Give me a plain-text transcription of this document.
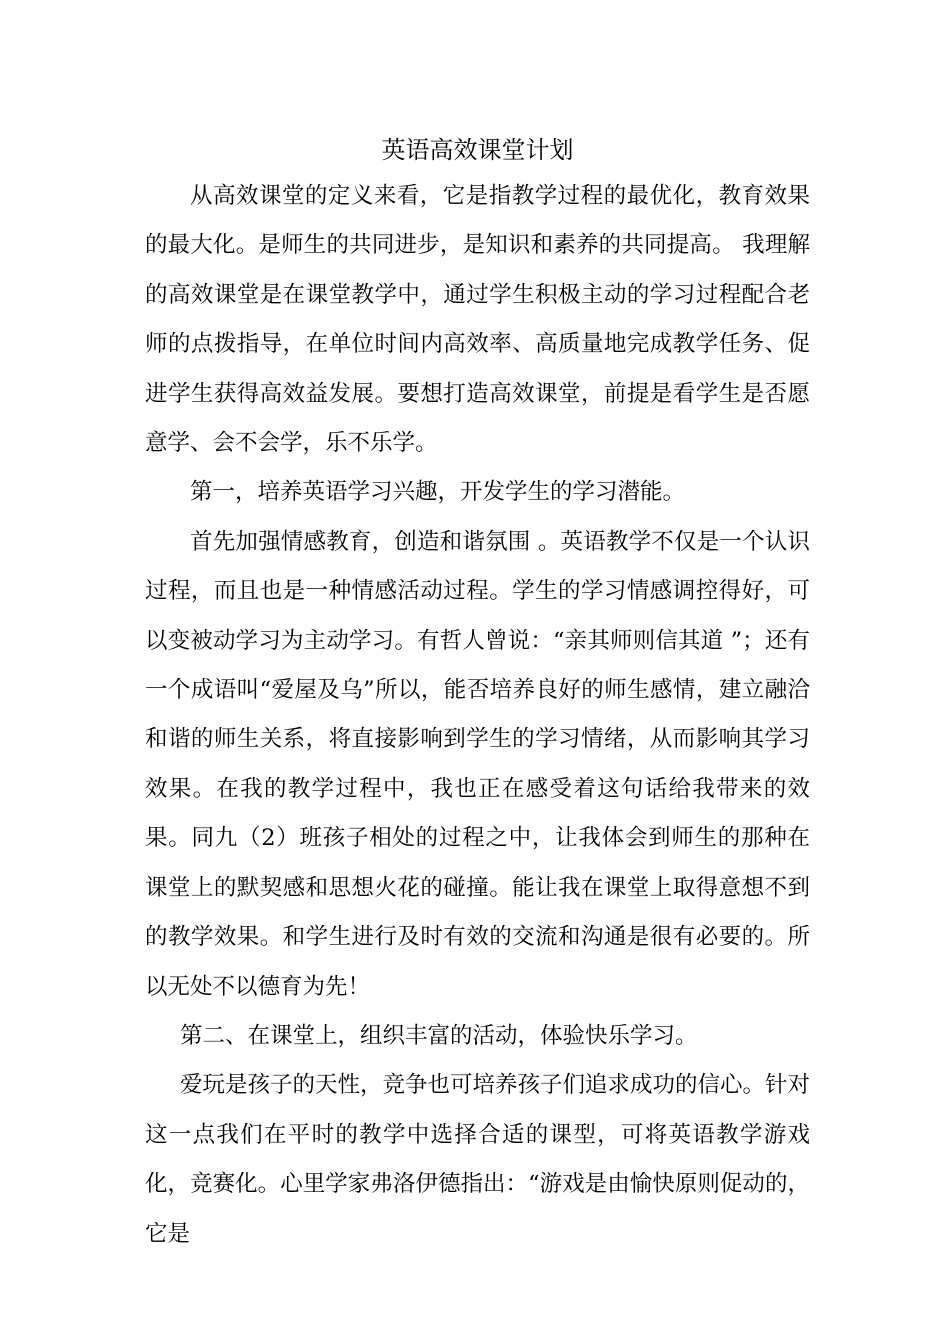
英语高效课堂计划

从高效课堂的定义来看，它是指教学过程的最优化，教育效果的最大化。是师生的共同进步，是知识和素养的共同提高。 我理解的高效课堂是在课堂教学中，通过学生积极主动的学习过程配合老师的点拨指导，在单位时间内高效率、高质量地完成教学任务、促进学生获得高效益发展。要想打造高效课堂，前提是看学生是否愿意学、会不会学，乐不乐学。

第一，培养英语学习兴趣，开发学生的学习潜能。

首先加强情感教育，创造和谐氛围 。英语教学不仅是一个认识过程，而且也是一种情感活动过程。学生的学习情感调控得好，可以变被动学习为主动学习。有哲人曾说：“亲其师则信其道 ”；还有一个成语叫“爱屋及乌”所以，能否培养良好的师生感情，建立融洽和谐的师生关系，将直接影响到学生的学习情绪，从而影响其学习效果。在我的教学过程中，我也正在感受着这句话给我带来的效果。同九（2）班孩子相处的过程之中，让我体会到师生的那种在课堂上的默契感和思想火花的碰撞。能让我在课堂上取得意想不到的教学效果。和学生进行及时有效的交流和沟通是很有必要的。所以无处不以德育为先！

第二、在课堂上，组织丰富的活动，体验快乐学习。

爱玩是孩子的天性，竞争也可培养孩子们追求成功的信心。针对这一点我们在平时的教学中选择合适的课型，可将英语教学游戏化，竞赛化。心里学家弗洛伊德指出：“游戏是由愉快原则促动的，它是
